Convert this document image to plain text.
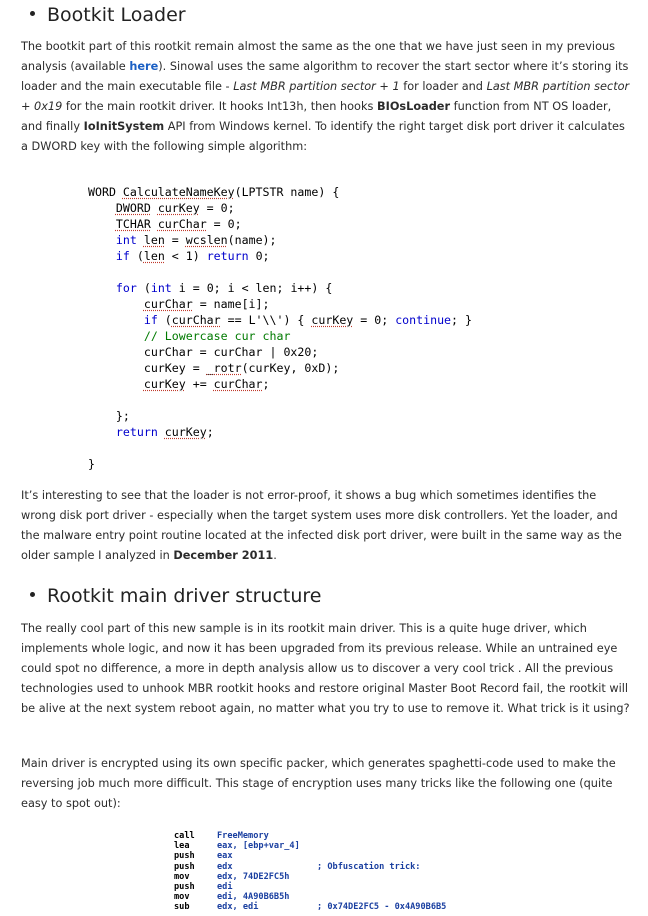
Bootkit Loader

The bootkit part of this rootkit remain almost the same as the one that we have just seen in my previous analysis (available here). Sinowal uses the same algorithm to recover the start sector where it’s storing its loader and the main executable file - Last MBR partition sector + 1 for loader and Last MBR partition sector + 0x19 for the main rootkit driver. It hooks Int13h, then hooks BIOsLoader function from NT OS loader, and finally IoInitSystem API from Windows kernel. To identify the right target disk port driver it calculates a DWORD key with the following simple algorithm:

WORD CalculateNameKey(LPTSTR name) {
DWORD curKey = 0;
TCHAR curChar = 0;
int len = wcslen(name);
if (len < 1) return 0;
for (int i = 0; i < len; i++) {
curChar = name[i];
if (curChar == L'\\') { curKey = 0; continue; }
// Lowercase cur char
curChar = curChar | 0x20;
curKey = _rotr(curKey, 0xD);
curKey += curChar;
};
return curKey;
}

It’s interesting to see that the loader is not error-proof, it shows a bug which sometimes identifies the wrong disk port driver - especially when the target system uses more disk controllers. Yet the loader, and the malware entry point routine located at the infected disk port driver, were built in the same way as the older sample I analyzed in December 2011.

Rootkit main driver structure

The really cool part of this new sample is in its rootkit main driver. This is a quite huge driver, which implements whole logic, and now it has been upgraded from its previous release. While an untrained eye could spot no difference, a more in depth analysis allow us to discover a very cool trick . All the previous technologies used to unhook MBR rootkit hooks and restore original Master Boot Record fail, the rootkit will be alive at the next system reboot again, no matter what you try to use to remove it. What trick is it using?

Main driver is encrypted using its own specific packer, which generates spaghetti-code used to make the reversing job much more difficult. This stage of encryption uses many tricks like the following one (quite easy to spot out):

call	FreeMemory
lea	eax, [ebp+var_4]
push	eax
push	edx	; Obfuscation trick:
mov	edx, 74DE2FC5h
push	edi
mov	edi, 4A90B6B5h
sub	edx, edi	; 0x74DE2FC5 - 0x4A90B6B5
